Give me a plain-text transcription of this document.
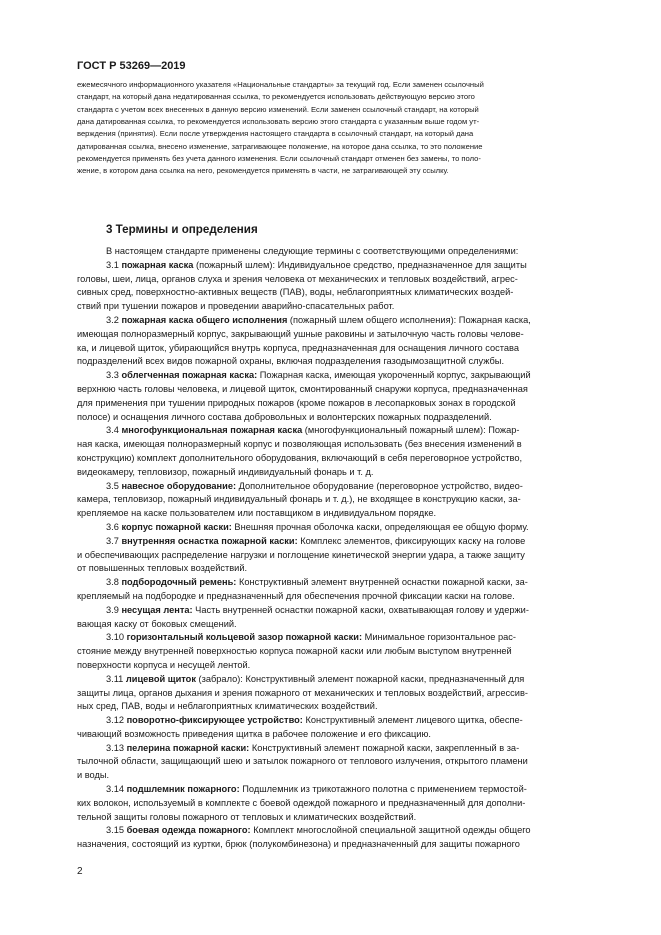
ГОСТ Р 53269—2019
ежемесячного информационного указателя «Национальные стандарты» за текущий год. Если заменен ссылочный
стандарт, на который дана недатированная ссылка, то рекомендуется использовать действующую версию этого
стандарта с учетом всех внесенных в данную версию изменений. Если заменен ссылочный стандарт, на который
дана датированная ссылка, то рекомендуется использовать версию этого стандарта с указанным выше годом ут-
верждения (принятия). Если после утверждения настоящего стандарта в ссылочный стандарт, на который дана
датированная ссылка, внесено изменение, затрагивающее положение, на которое дана ссылка, то это положение
рекомендуется применять без учета данного изменения. Если ссылочный стандарт отменен без замены, то поло-
жение, в котором дана ссылка на него, рекомендуется применять в части, не затрагивающей эту ссылку.
3 Термины и определения

В настоящем стандарте применены следующие термины с соответствующими определениями:

3.1 пожарная каска (пожарный шлем): Индивидуальное средство, предназначенное для защиты
головы, шеи, лица, органов слуха и зрения человека от механических и тепловых воздействий, агрес-
сивных сред, поверхностно-активных веществ (ПАВ), воды, неблагоприятных климатических воздей-
ствий при тушении пожаров и проведении аварийно-спасательных работ.
3.2 пожарная каска общего исполнения (пожарный шлем общего исполнения): Пожарная каска,
имеющая полноразмерный корпус, закрывающий ушные раковины и затылочную часть головы челове-
ка, и лицевой щиток, убирающийся внутрь корпуса, предназначенная для оснащения личного состава
подразделений всех видов пожарной охраны, включая подразделения газодымозащитной службы.
3.3 облегченная пожарная каска: Пожарная каска, имеющая укороченный корпус, закрывающий
верхнюю часть головы человека, и лицевой щиток, смонтированный снаружи корпуса, предназначенная
для применения при тушении природных пожаров (кроме пожаров в лесопарковых зонах в городской
полосе) и оснащения личного состава добровольных и волонтерских пожарных подразделений.
3.4 многофункциональная пожарная каска (многофункциональный пожарный шлем): Пожар-
ная каска, имеющая полноразмерный корпус и позволяющая использовать (без внесения изменений в
конструкцию) комплект дополнительного оборудования, включающий в себя переговорное устройство,
видеокамеру, тепловизор, пожарный индивидуальный фонарь и т. д.
3.5 навесное оборудование: Дополнительное оборудование (переговорное устройство, видео-
камера, тепловизор, пожарный индивидуальный фонарь и т. д.), не входящее в конструкцию каски, за-
крепляемое на каске пользователем или поставщиком в индивидуальном порядке.
3.6 корпус пожарной каски: Внешняя прочная оболочка каски, определяющая ее общую форму.
3.7 внутренняя оснастка пожарной каски: Комплекс элементов, фиксирующих каску на голове
и обеспечивающих распределение нагрузки и поглощение кинетической энергии удара, а также защиту
от повышенных тепловых воздействий.
3.8 подбородочный ремень: Конструктивный элемент внутренней оснастки пожарной каски, за-
крепляемый на подбородке и предназначенный для обеспечения прочной фиксации каски на голове.
3.9 несущая лента: Часть внутренней оснастки пожарной каски, охватывающая голову и удержи-
вающая каску от боковых смещений.
3.10 горизонтальный кольцевой зазор пожарной каски: Минимальное горизонтальное рас-
стояние между внутренней поверхностью корпуса пожарной каски или любым выступом внутренней
поверхности корпуса и несущей лентой.
3.11 лицевой щиток (забрало): Конструктивный элемент пожарной каски, предназначенный для
защиты лица, органов дыхания и зрения пожарного от механических и тепловых воздействий, агрессив-
ных сред, ПАВ, воды и неблагоприятных климатических воздействий.
3.12 поворотно-фиксирующее устройство: Конструктивный элемент лицевого щитка, обеспе-
чивающий возможность приведения щитка в рабочее положение и его фиксацию.
3.13 пелерина пожарной каски: Конструктивный элемент пожарной каски, закрепленный в за-
тылочной области, защищающий шею и затылок пожарного от теплового излучения, открытого пламени
и воды.
3.14 подшлемник пожарного: Подшлемник из трикотажного полотна с применением термостой-
ких волокон, используемый в комплекте с боевой одеждой пожарного и предназначенный для дополни-
тельной защиты головы пожарного от тепловых и климатических воздействий.
3.15 боевая одежда пожарного: Комплект многослойной специальной защитной одежды общего
назначения, состоящий из куртки, брюк (полукомбинезона) и предназначенный для защиты пожарного
2
